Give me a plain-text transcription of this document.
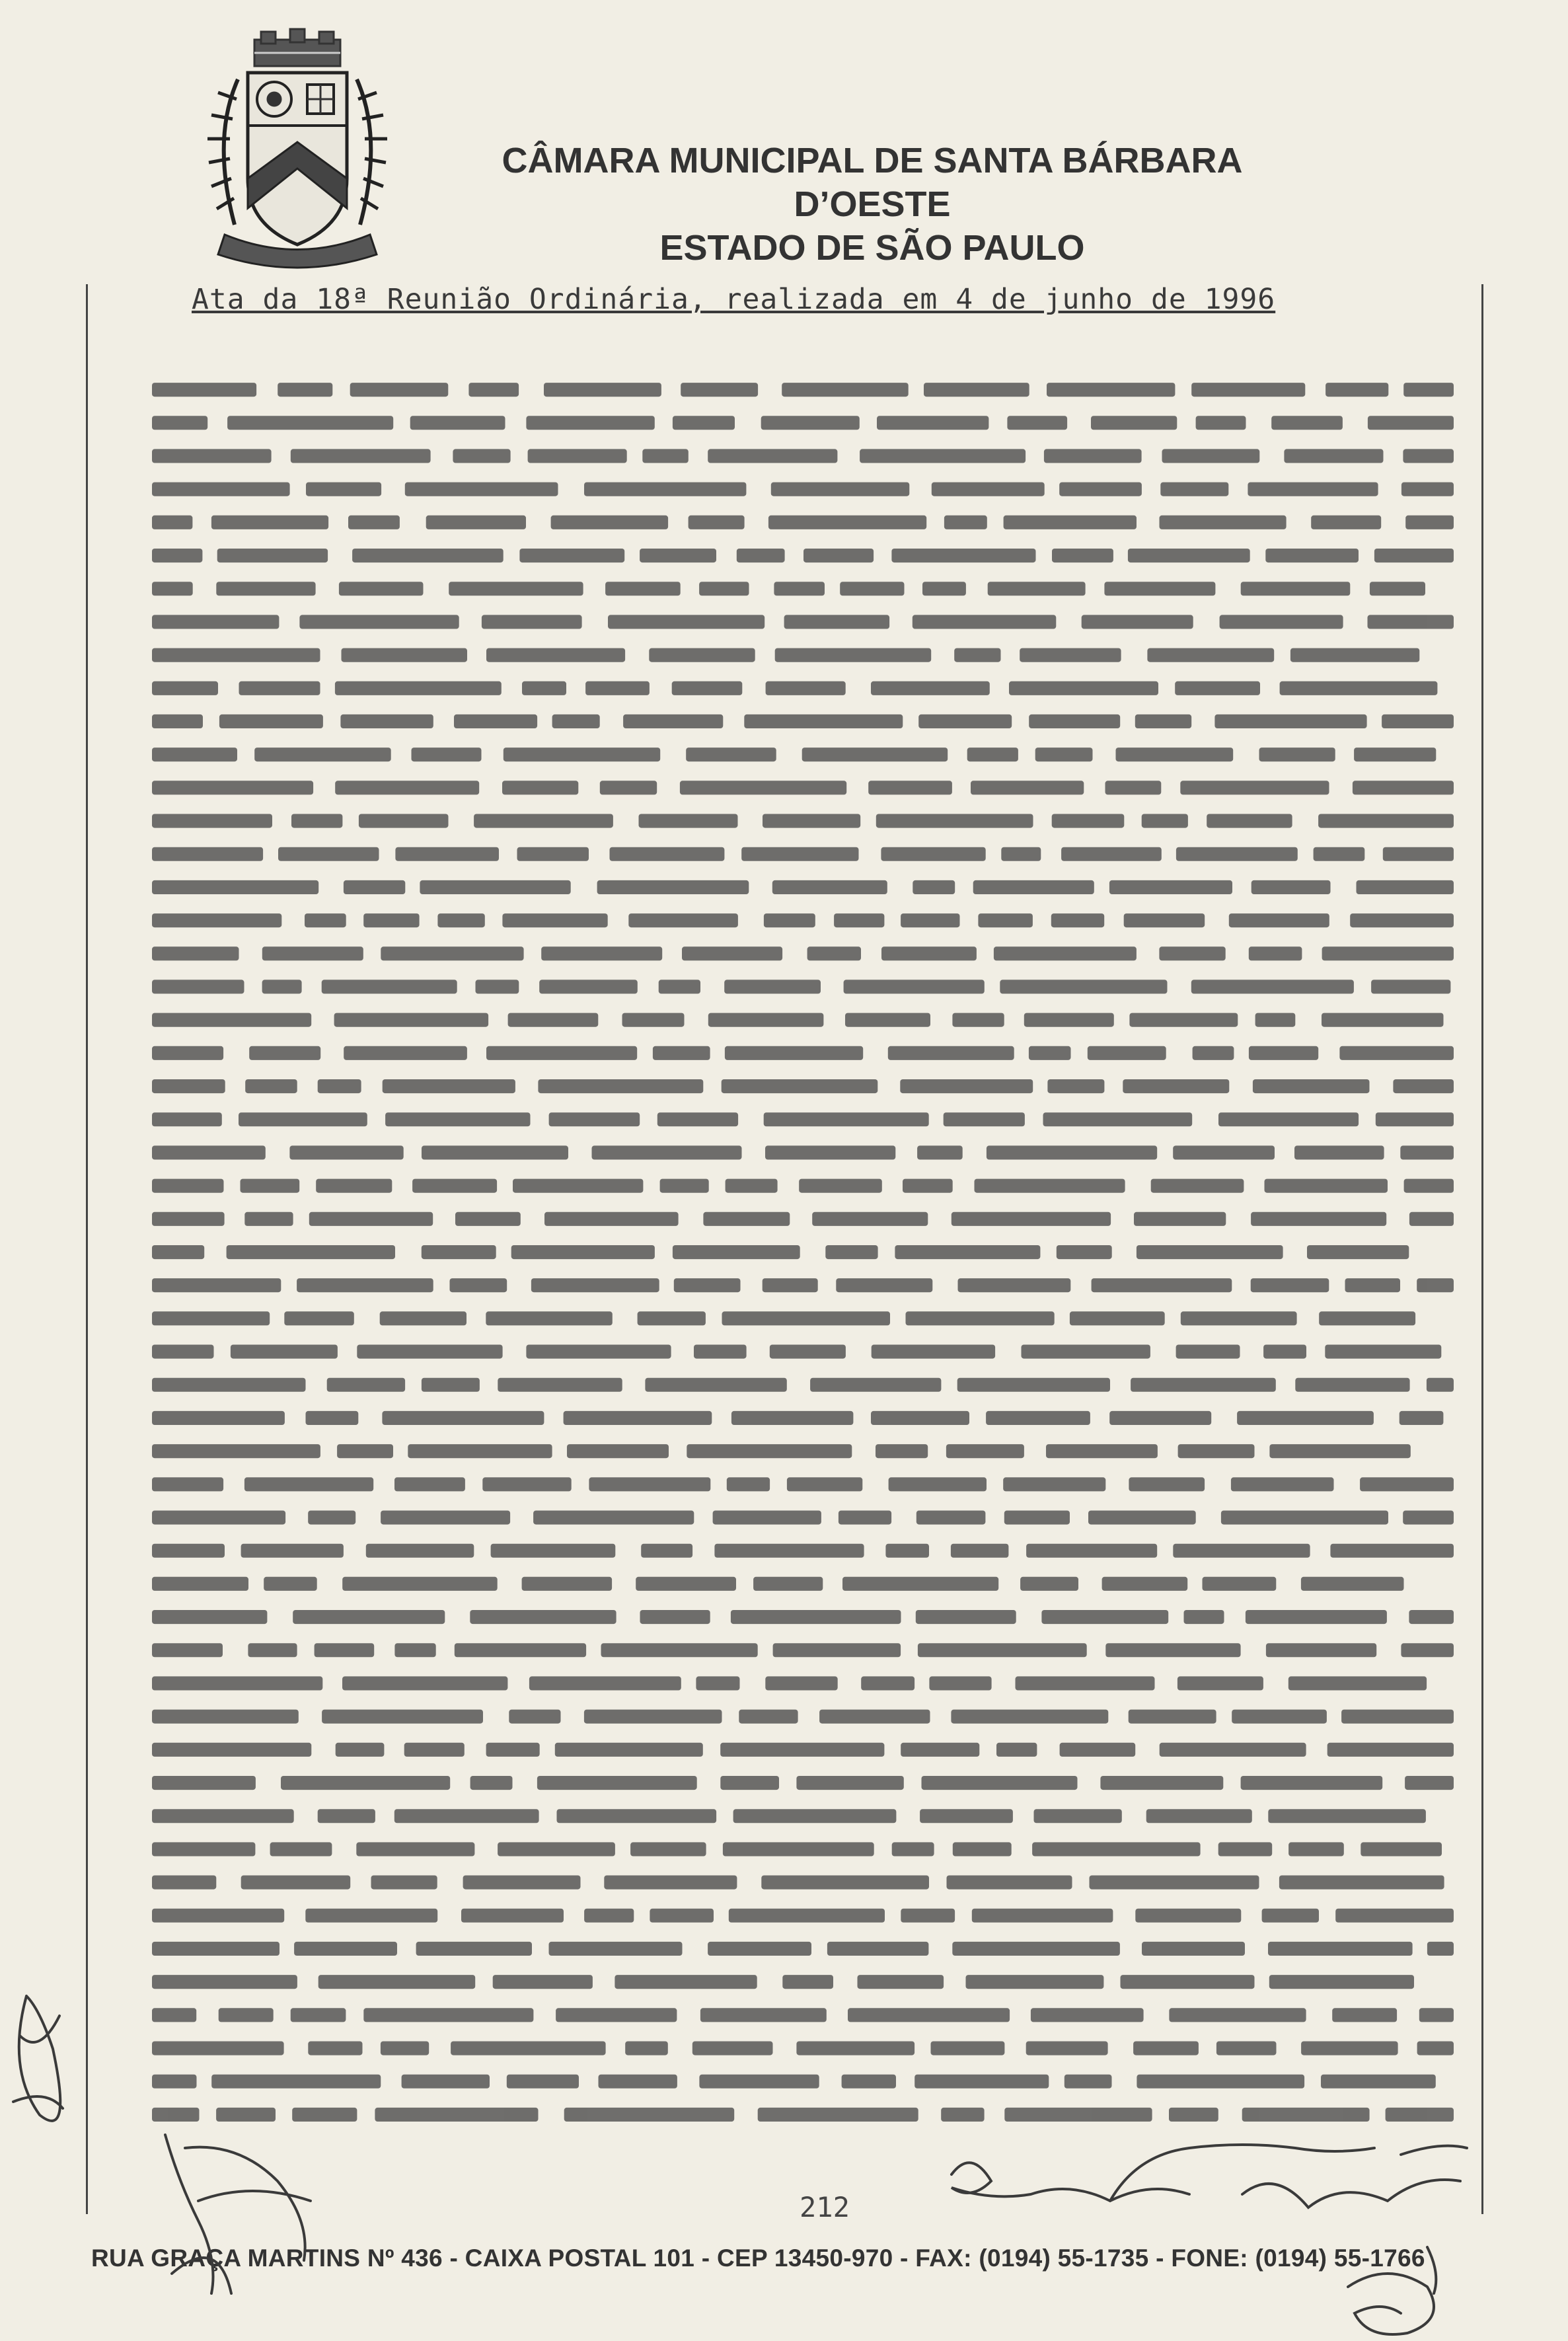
CÂMARA MUNICIPAL DE SANTA BÁRBARA D’OESTE
ESTADO DE SÃO PAULO
Ata da 18ª Reunião Ordinária, realizada em 4 de junho de 1996
212
RUA GRAÇA MARTINS Nº 436 - CAIXA POSTAL 101 - CEP 13450-970 - FAX: (0194) 55-1735 - FONE: (0194) 55-1766
